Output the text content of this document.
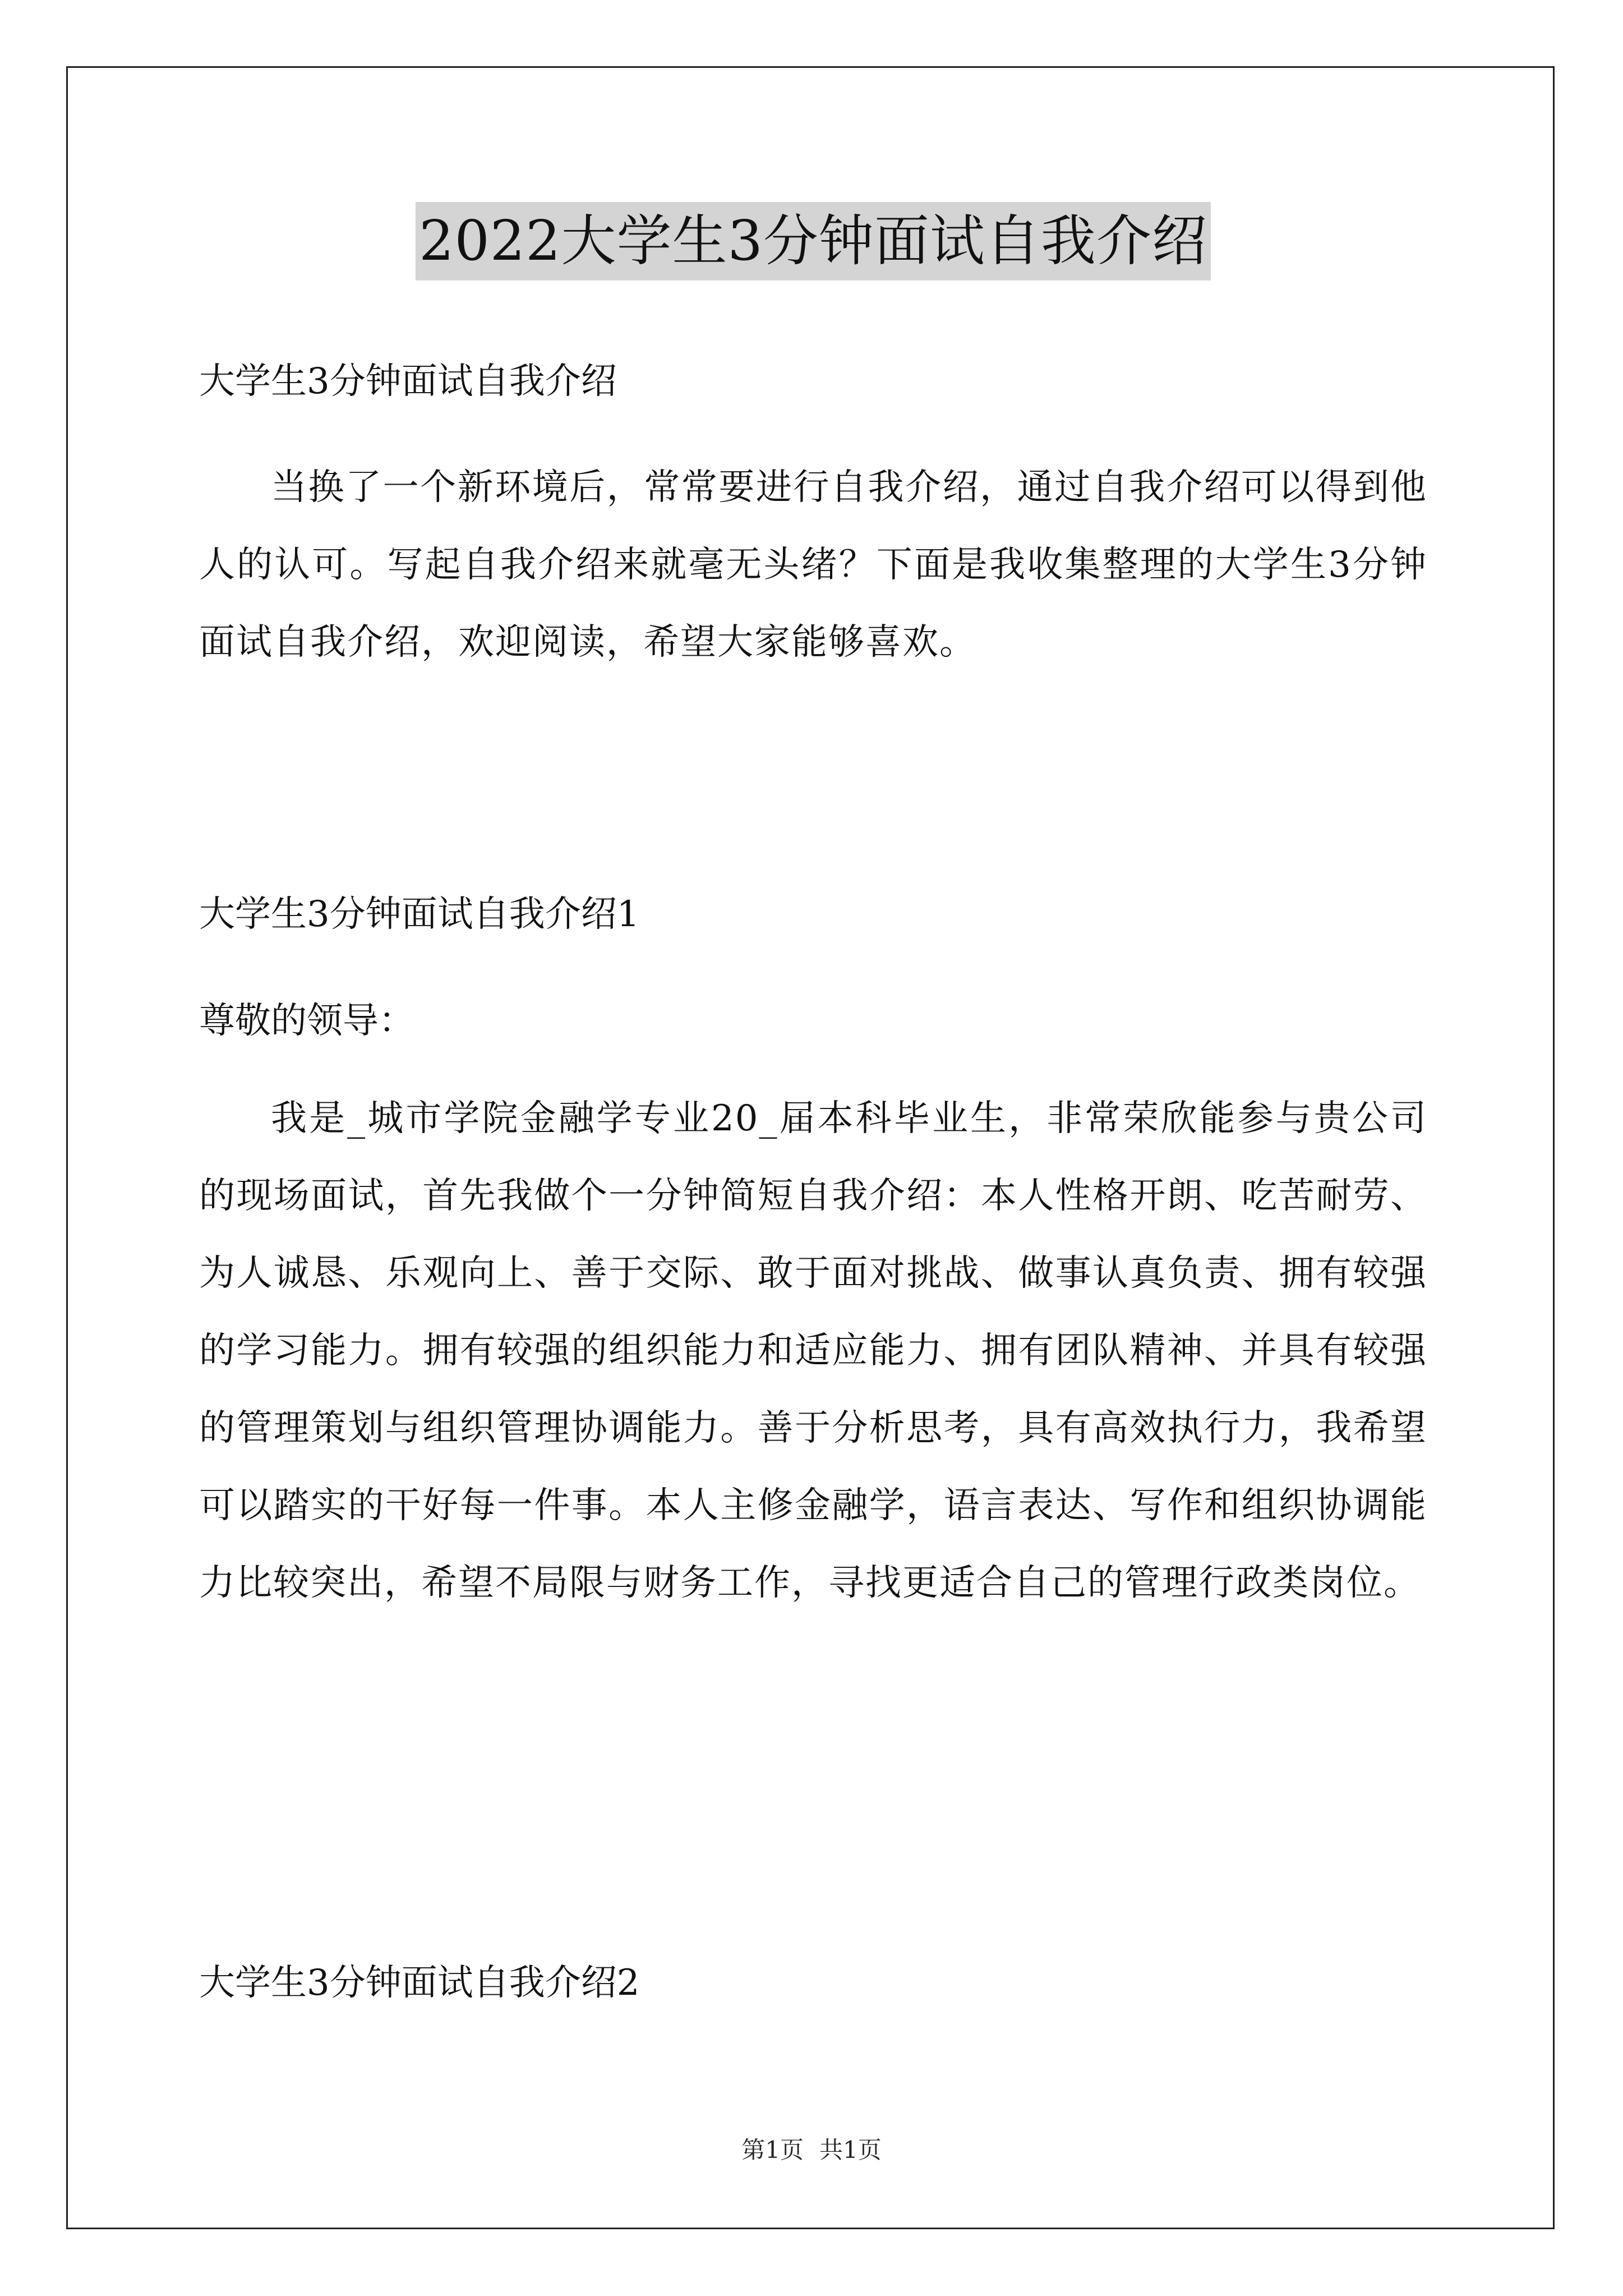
2022大学生3分钟面试自我介绍
大学生3分钟面试自我介绍
当换了一个新环境后，常常要进行自我介绍，通过自我介绍可以得到他人的认可。写起自我介绍来就毫无头绪？下面是我收集整理的大学生3分钟面试自我介绍，欢迎阅读，希望大家能够喜欢。
大学生3分钟面试自我介绍1
尊敬的领导：
我是_城市学院金融学专业20_届本科毕业生，非常荣欣能参与贵公司的现场面试，首先我做个一分钟简短自我介绍：本人性格开朗、吃苦耐劳、为人诚恳、乐观向上、善于交际、敢于面对挑战、做事认真负责、拥有较强的学习能力。拥有较强的组织能力和适应能力、拥有团队精神、并具有较强的管理策划与组织管理协调能力。善于分析思考，具有高效执行力，我希望可以踏实的干好每一件事。本人主修金融学，语言表达、写作和组织协调能力比较突出，希望不局限与财务工作，寻找更适合自己的管理行政类岗位。
大学生3分钟面试自我介绍2
第1页 共1页
